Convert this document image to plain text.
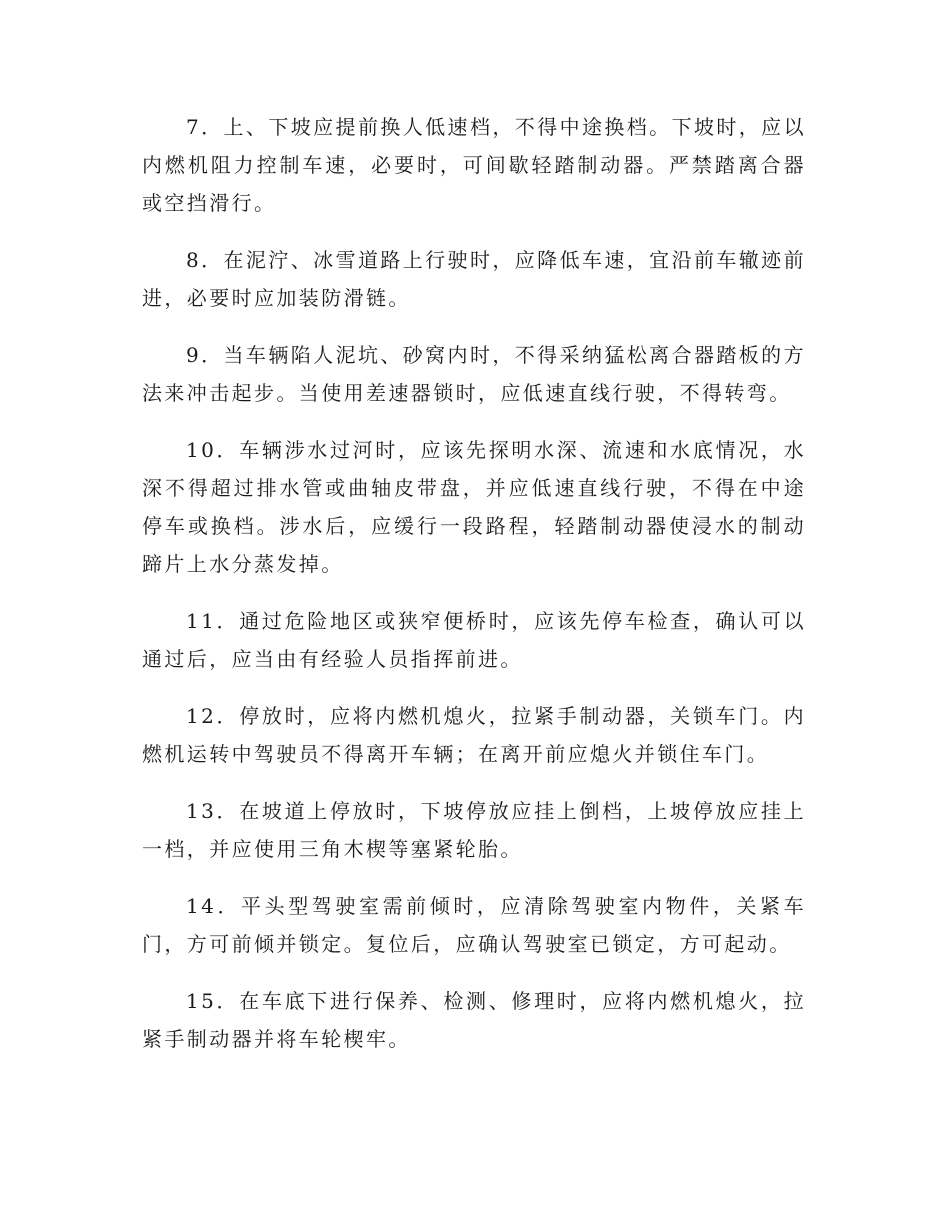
7．上、下坡应提前换人低速档，不得中途换档。下坡时，应以内燃机阻力控制车速，必要时，可间歇轻踏制动器。严禁踏离合器或空挡滑行。

8．在泥泞、冰雪道路上行驶时，应降低车速，宜沿前车辙迹前进，必要时应加装防滑链。

9．当车辆陷人泥坑、砂窝内时，不得采纳猛松离合器踏板的方法来冲击起步。当使用差速器锁时，应低速直线行驶，不得转弯。

10．车辆涉水过河时，应该先探明水深、流速和水底情况，水深不得超过排水管或曲轴皮带盘，并应低速直线行驶，不得在中途停车或换档。涉水后，应缓行一段路程，轻踏制动器使浸水的制动蹄片上水分蒸发掉。

11．通过危险地区或狭窄便桥时，应该先停车检查，确认可以通过后，应当由有经验人员指挥前进。

12．停放时，应将内燃机熄火，拉紧手制动器，关锁车门。内燃机运转中驾驶员不得离开车辆；在离开前应熄火并锁住车门。

13．在坡道上停放时，下坡停放应挂上倒档，上坡停放应挂上一档，并应使用三角木楔等塞紧轮胎。

14．平头型驾驶室需前倾时，应清除驾驶室内物件，关紧车门，方可前倾并锁定。复位后，应确认驾驶室已锁定，方可起动。

15．在车底下进行保养、检测、修理时，应将内燃机熄火，拉紧手制动器并将车轮楔牢。
